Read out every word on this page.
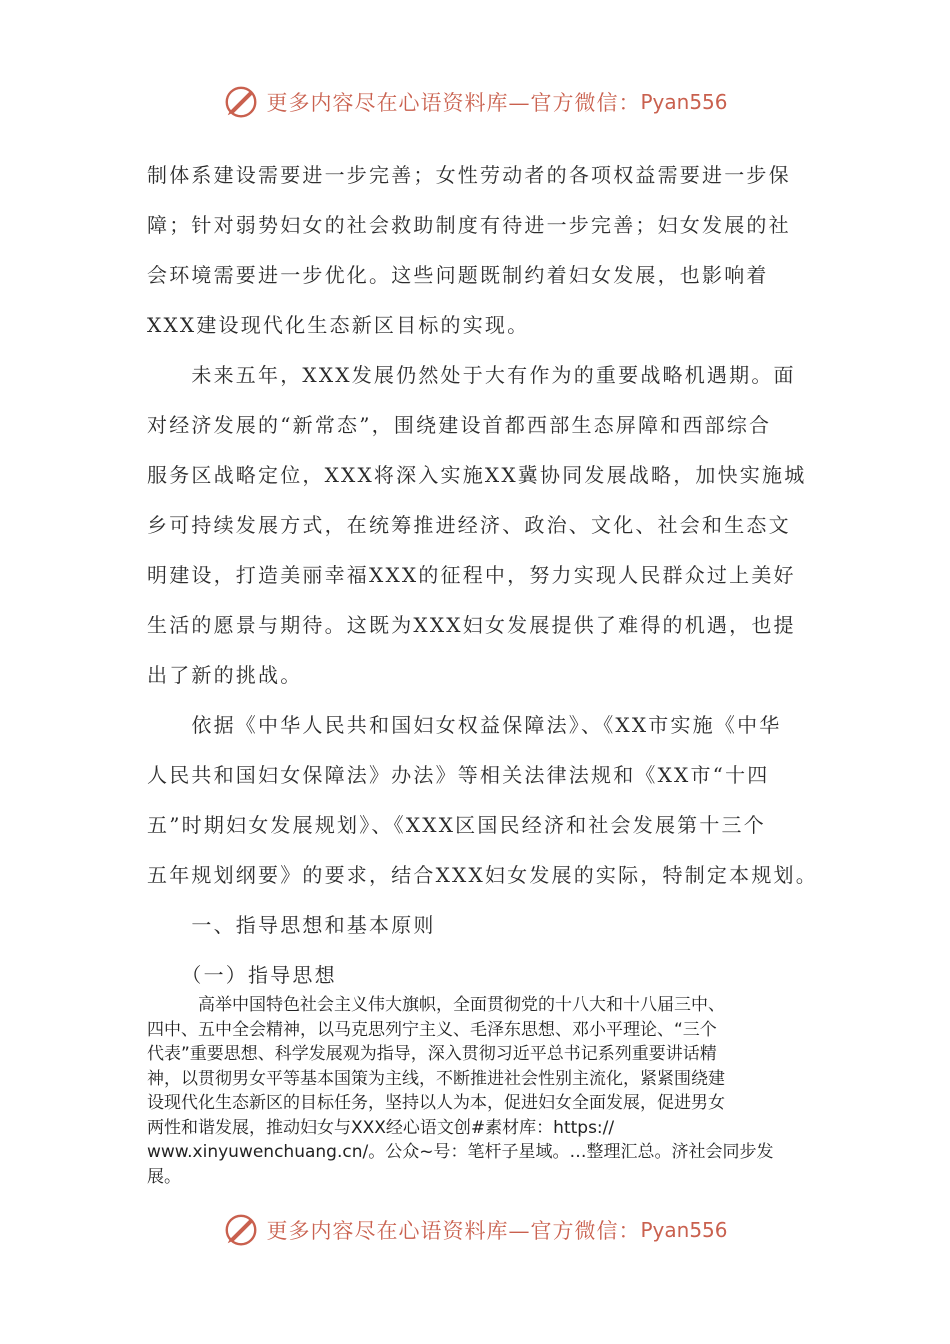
更多内容尽在心语资料库—官方微信： Pyan556
制体系建设需要进一步完善；女性劳动者的各项权益需要进一步保
障；针对弱势妇女的社会救助制度有待进一步完善；妇女发展的社
会环境需要进一步优化。这些问题既制约着妇女发展，也影响着
XXX建设现代化生态新区目标的实现。
　　未来五年，XXX发展仍然处于大有作为的重要战略机遇期。面
对经济发展的“新常态”，围绕建设首都西部生态屏障和西部综合
服务区战略定位，XXX将深入实施XX冀协同发展战略，加快实施城
乡可持续发展方式，在统筹推进经济、政治、文化、社会和生态文
明建设，打造美丽幸福XXX的征程中，努力实现人民群众过上美好
生活的愿景与期待。这既为XXX妇女发展提供了难得的机遇，也提
出了新的挑战。
　　依据《中华人民共和国妇女权益保障法》、《XX市实施《中华
人民共和国妇女保障法》办法》等相关法律法规和《XX市“十四
五”时期妇女发展规划》、《XXX区国民经济和社会发展第十三个
五年规划纲要》的要求，结合XXX妇女发展的实际，特制定本规划。
　　一、指导思想和基本原则
　　（一）指导思想
　　　高举中国特色社会主义伟大旗帜，全面贯彻党的十八大和十八届三中、
四中、五中全会精神，以马克思列宁主义、毛泽东思想、邓小平理论、“三个
代表”重要思想、科学发展观为指导，深入贯彻习近平总书记系列重要讲话精
神，以贯彻男女平等基本国策为主线，不断推进社会性别主流化，紧紧围绕建
设现代化生态新区的目标任务，坚持以人为本，促进妇女全面发展，促进男女
两性和谐发展，推动妇女与XXX经心语文创#素材库：https://
www.xinyuwenchuang.cn/。公众~号：笔杆子星域。…整理汇总。济社会同步发
展。
更多内容尽在心语资料库—官方微信： Pyan556
